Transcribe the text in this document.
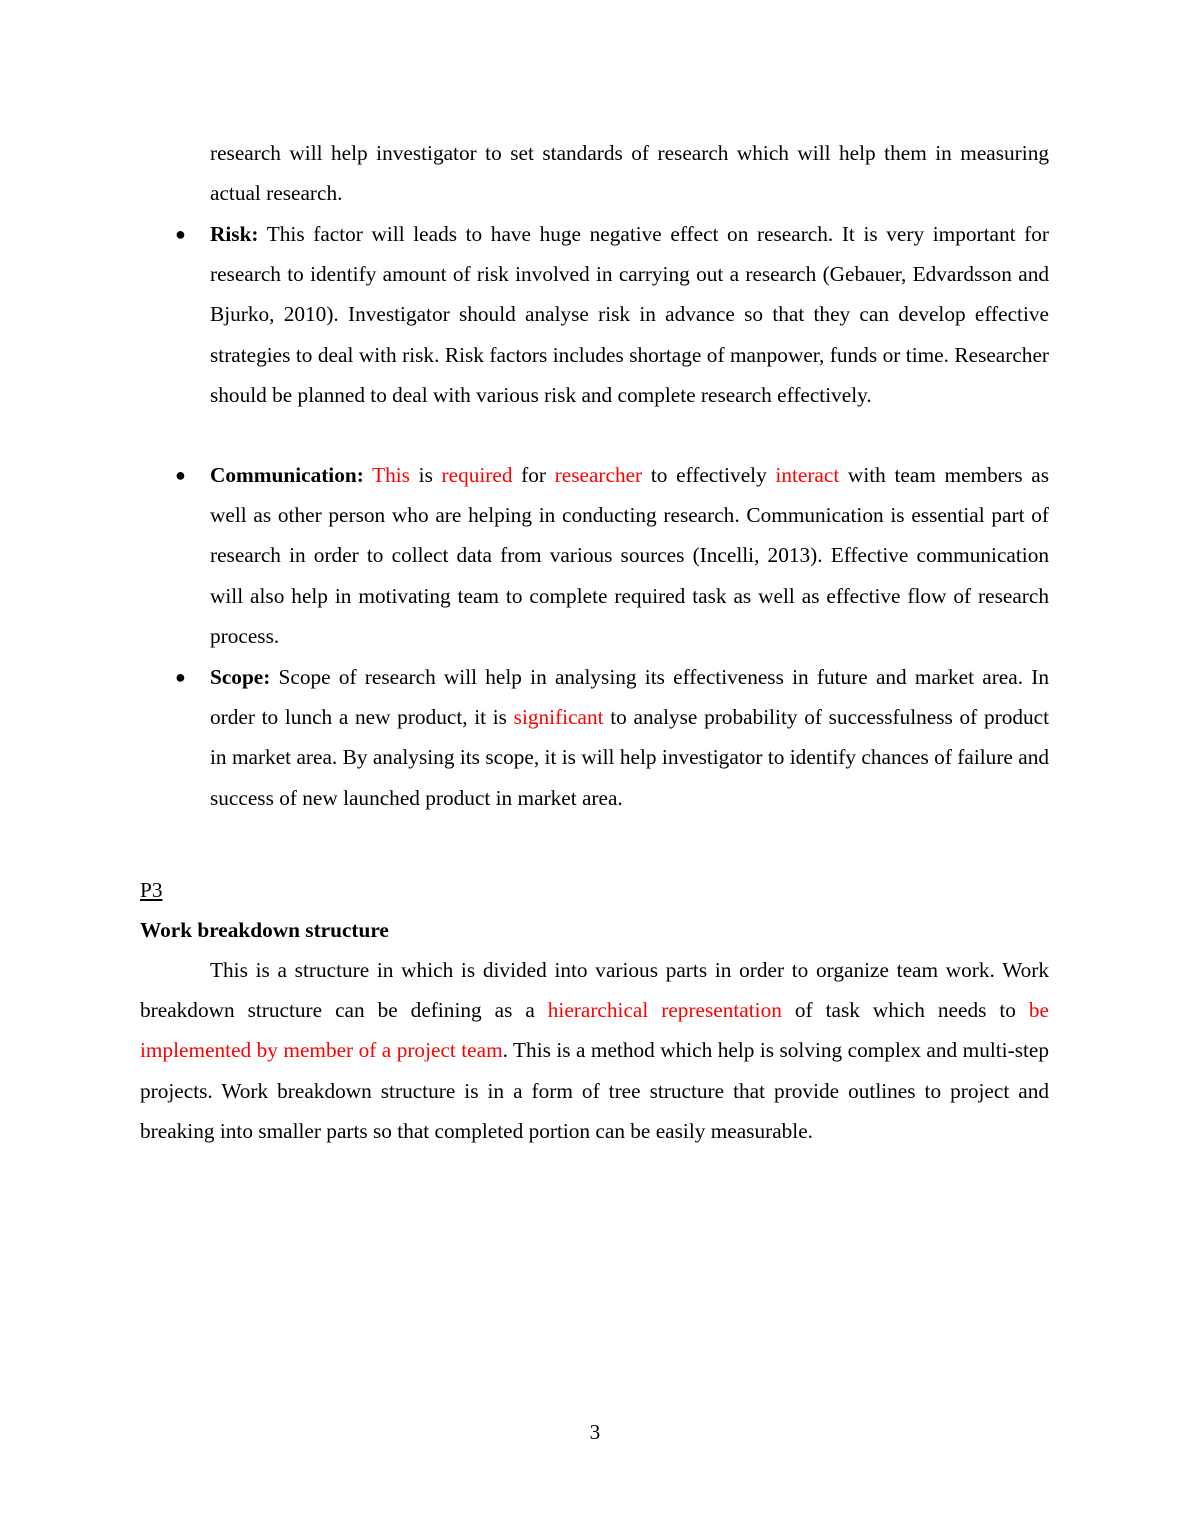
research will help investigator to set standards of research which will help them in measuring actual research.

● Risk: This factor will leads to have huge negative effect on research. It is very important for research to identify amount of risk involved in carrying out a research (Gebauer, Edvardsson and Bjurko, 2010). Investigator should analyse risk in advance so that they can develop effective strategies to deal with risk. Risk factors includes shortage of manpower, funds or time. Researcher should be planned to deal with various risk and complete research effectively.

● Communication: This is required for researcher to effectively interact with team members as well as other person who are helping in conducting research. Communication is essential part of research in order to collect data from various sources (Incelli, 2013). Effective communication will also help in motivating team to complete required task as well as effective flow of research process.

● Scope: Scope of research will help in analysing its effectiveness in future and market area. In order to lunch a new product, it is significant to analyse probability of successfulness of product in market area. By analysing its scope, it is will help investigator to identify chances of failure and success of new launched product in market area.

P3
Work breakdown structure

This is a structure in which is divided into various parts in order to organize team work. Work breakdown structure can be defining as a hierarchical representation of task which needs to be implemented by member of a project team. This is a method which help is solving complex and multi-step projects. Work breakdown structure is in a form of tree structure that provide outlines to project and breaking into smaller parts so that completed portion can be easily measurable.

3
